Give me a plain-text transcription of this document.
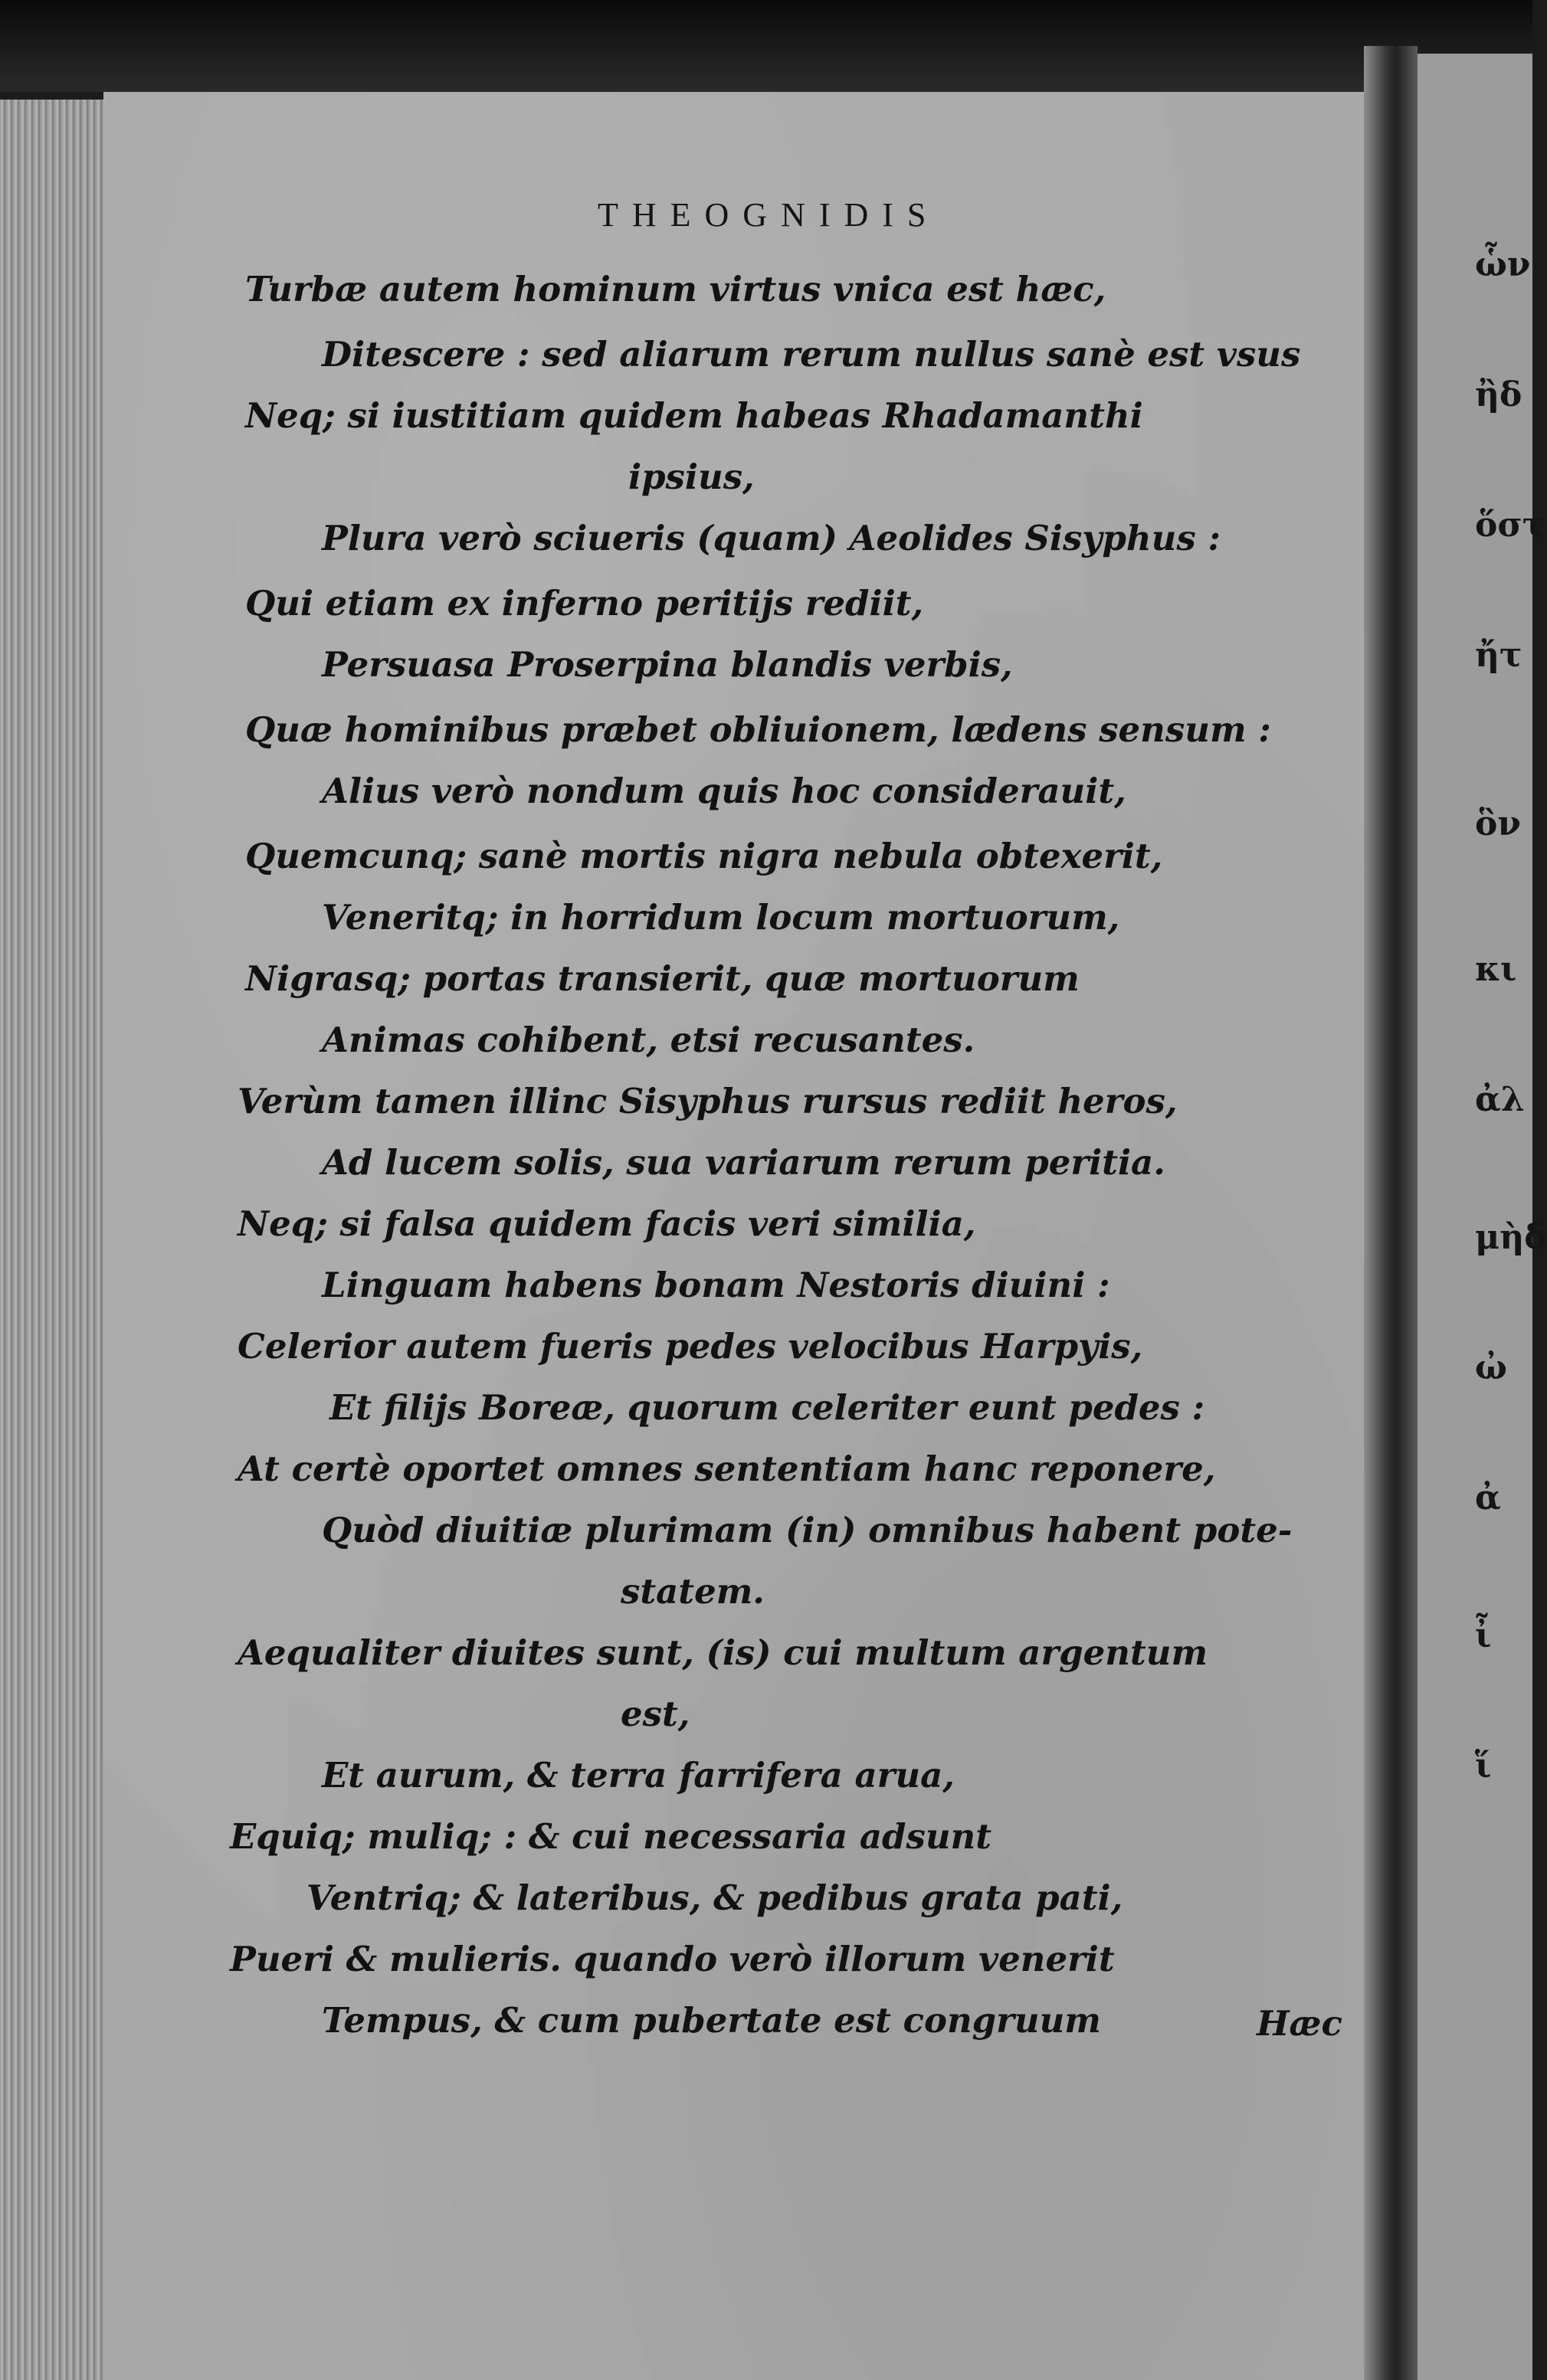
THEOGNIDIS
Turbæ autem hominum virtus vnica est hæc,
Ditescere : sed aliarum rerum nullus sanè est vsus
Neq; si iustitiam quidem habeas Rhadamanthi
ipsius,
Plura verò sciueris (quam) Aeolides Sisyphus :
Qui etiam ex inferno peritijs rediit,
Persuasa Proserpina blandis verbis,
Quæ hominibus præbet obliuionem, lædens sensum :
Alius verò nondum quis hoc considerauit,
Quemcunq; sanè mortis nigra nebula obtexerit,
Veneritq; in horridum locum mortuorum,
Nigrasq; portas transierit, quæ mortuorum
Animas cohibent, etsi recusantes.
Verùm tamen illinc Sisyphus rursus rediit heros,
Ad lucem solis, sua variarum rerum peritia.
Neq; si falsa quidem facis veri similia,
Linguam habens bonam Nestoris diuini :
Celerior autem fueris pedes velocibus Harpyis,
Et filijs Boreæ, quorum celeriter eunt pedes :
At certè oportet omnes sententiam hanc reponere,
Quòd diuitiæ plurimam (in) omnibus habent pote-
statem.
Aequaliter diuites sunt, (is) cui multum argentum
est,
Et aurum, & terra farrifera arua,
Equiq; muliq; : & cui necessaria adsunt
Ventriq; & lateribus, & pedibus grata pati,
Pueri & mulieris. quando verò illorum venerit
Tempus, & cum pubertate est congruum	Hæc
ὧν
ἢδ
ὅστ
ἤτ
ὃν
κι
ἀλ
μὴδ
ὠ
ἀ
ἶ
ἵ
